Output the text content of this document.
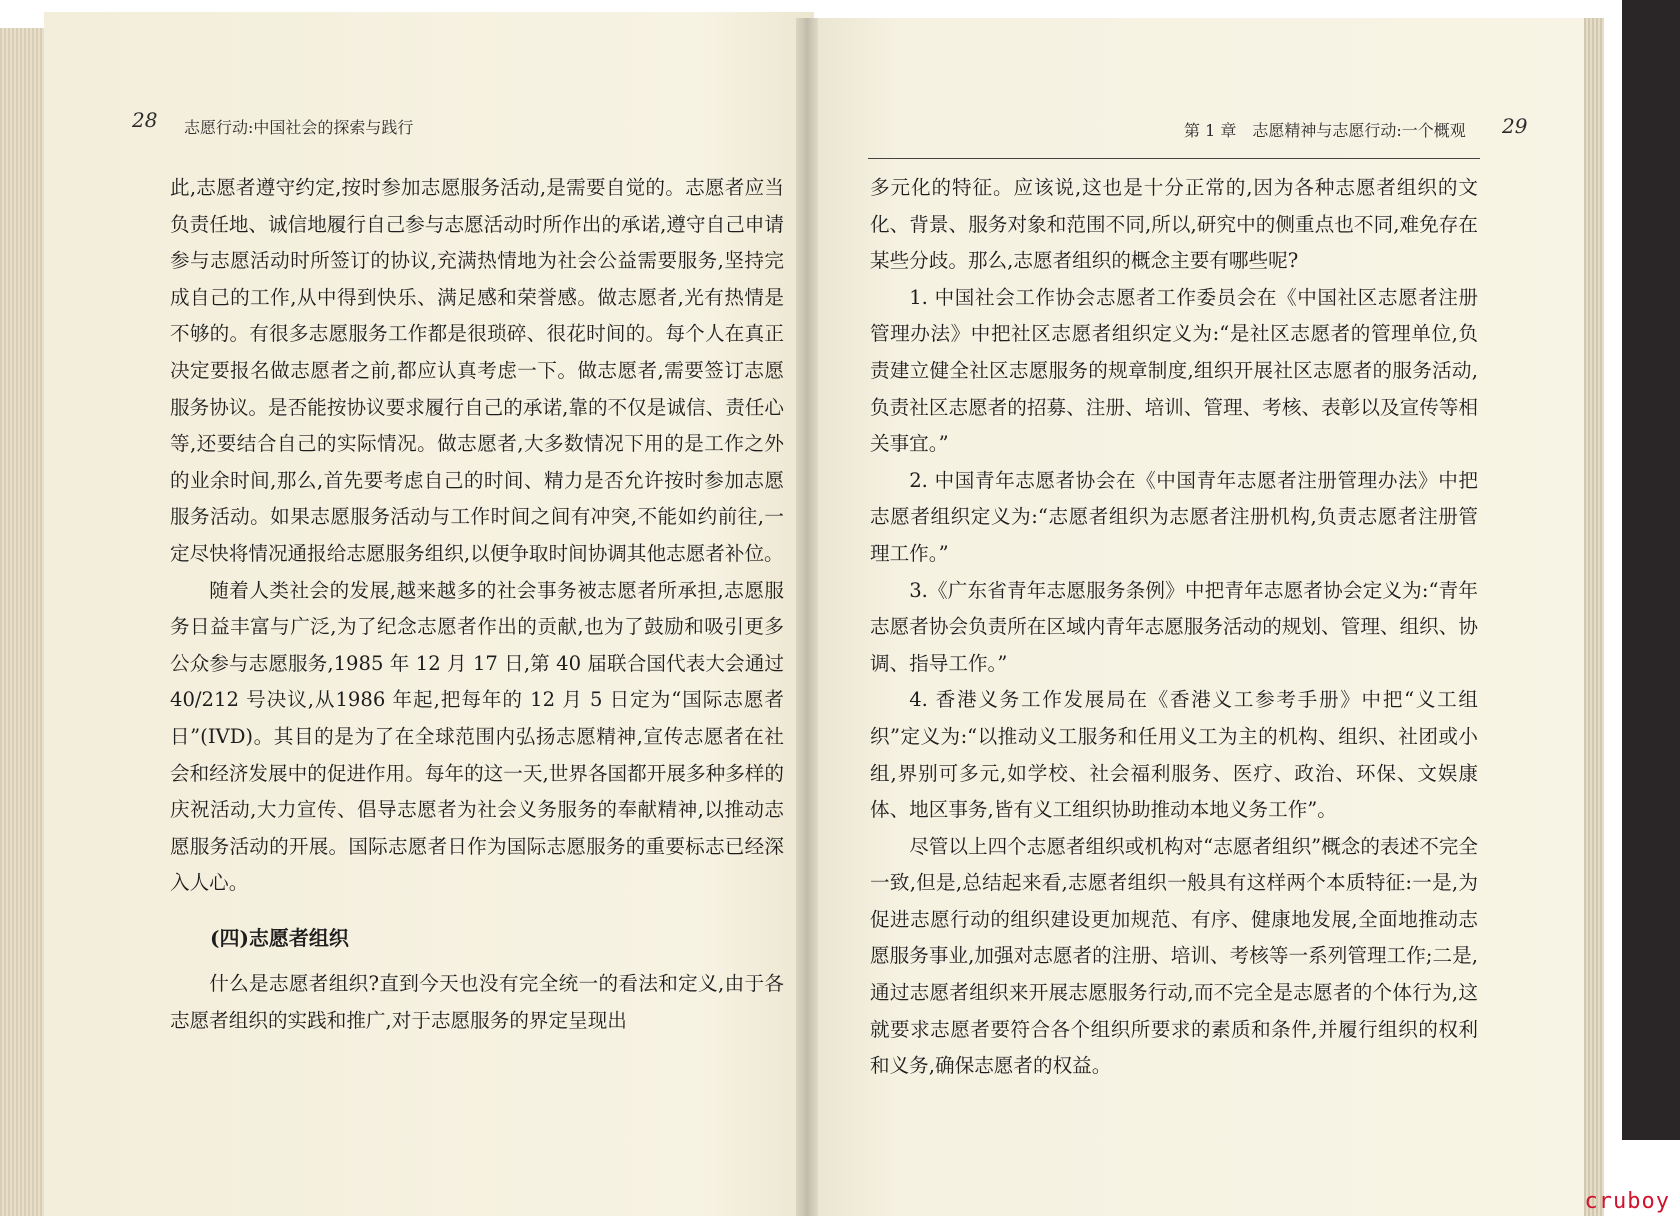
28 志愿行动:中国社会的探索与践行	第 1 章　志愿精神与志愿行动:一个概观 29

此,志愿者遵守约定,按时参加志愿服务活动,是需要自觉的。志愿者应当负责任地、诚信地履行自己参与志愿活动时所作出的承诺,遵守自己申请参与志愿活动时所签订的协议,充满热情地为社会公益需要服务,坚持完成自己的工作,从中得到快乐、满足感和荣誉感。做志愿者,光有热情是不够的。有很多志愿服务工作都是很琐碎、很花时间的。每个人在真正决定要报名做志愿者之前,都应认真考虑一下。做志愿者,需要签订志愿服务协议。是否能按协议要求履行自己的承诺,靠的不仅是诚信、责任心等,还要结合自己的实际情况。做志愿者,大多数情况下用的是工作之外的业余时间,那么,首先要考虑自己的时间、精力是否允许按时参加志愿服务活动。如果志愿服务活动与工作时间之间有冲突,不能如约前往,一定尽快将情况通报给志愿服务组织,以便争取时间协调其他志愿者补位。

随着人类社会的发展,越来越多的社会事务被志愿者所承担,志愿服务日益丰富与广泛,为了纪念志愿者作出的贡献,也为了鼓励和吸引更多公众参与志愿服务,1985 年 12 月 17 日,第 40 届联合国代表大会通过40/212 号决议,从1986 年起,把每年的 12 月 5 日定为“国际志愿者日”(IVD)。其目的是为了在全球范围内弘扬志愿精神,宣传志愿者在社会和经济发展中的促进作用。每年的这一天,世界各国都开展多种多样的庆祝活动,大力宣传、倡导志愿者为社会义务服务的奉献精神,以推动志愿服务活动的开展。国际志愿者日作为国际志愿服务的重要标志已经深入人心。

(四)志愿者组织

什么是志愿者组织?直到今天也没有完全统一的看法和定义,由于各志愿者组织的实践和推广,对于志愿服务的界定呈现出

多元化的特征。应该说,这也是十分正常的,因为各种志愿者组织的文化、背景、服务对象和范围不同,所以,研究中的侧重点也不同,难免存在某些分歧。那么,志愿者组织的概念主要有哪些呢?

1. 中国社会工作协会志愿者工作委员会在《中国社区志愿者注册管理办法》中把社区志愿者组织定义为:“是社区志愿者的管理单位,负责建立健全社区志愿服务的规章制度,组织开展社区志愿者的服务活动,负责社区志愿者的招募、注册、培训、管理、考核、表彰以及宣传等相关事宜。”

2. 中国青年志愿者协会在《中国青年志愿者注册管理办法》中把志愿者组织定义为:“志愿者组织为志愿者注册机构,负责志愿者注册管理工作。”

3.《广东省青年志愿服务条例》中把青年志愿者协会定义为:“青年志愿者协会负责所在区域内青年志愿服务活动的规划、管理、组织、协调、指导工作。”

4. 香港义务工作发展局在《香港义工参考手册》中把“义工组织”定义为:“以推动义工服务和任用义工为主的机构、组织、社团或小组,界别可多元,如学校、社会福利服务、医疗、政治、环保、文娱康体、地区事务,皆有义工组织协助推动本地义务工作”。

尽管以上四个志愿者组织或机构对“志愿者组织”概念的表述不完全一致,但是,总结起来看,志愿者组织一般具有这样两个本质特征:一是,为促进志愿行动的组织建设更加规范、有序、健康地发展,全面地推动志愿服务事业,加强对志愿者的注册、培训、考核等一系列管理工作;二是,通过志愿者组织来开展志愿服务行动,而不完全是志愿者的个体行为,这就要求志愿者要符合各个组织所要求的素质和条件,并履行组织的权利和义务,确保志愿者的权益。

cruboy
